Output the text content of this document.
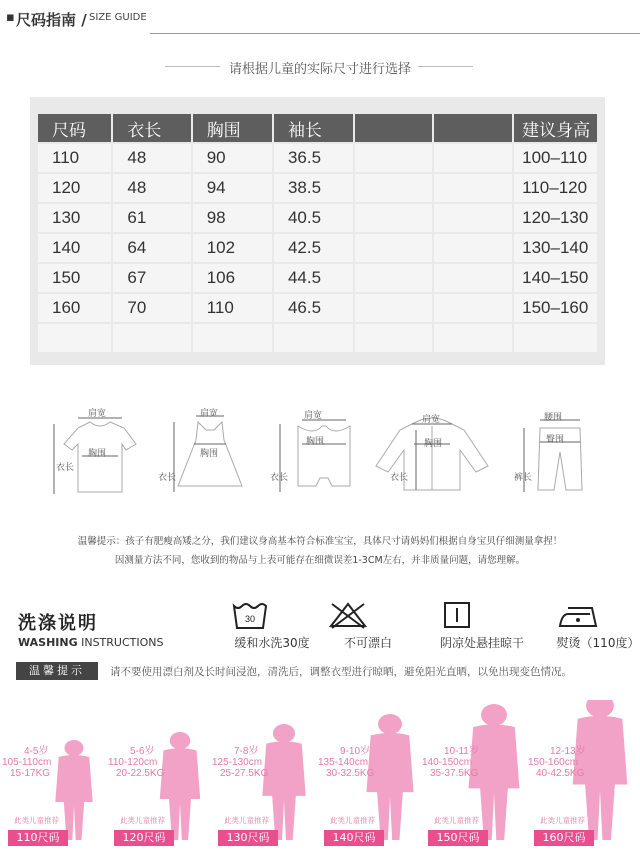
▪ 尺码指南 / SIZE GUIDE
请根据儿童的实际尺寸进行选择
尺码	衣长	胸围	袖长			建议身高
110	48	90	36.5			100–110
120	48	94	38.5			110–120
130	61	98	40.5			120–130
140	64	102	42.5			130–140
150	67	106	44.5			140–150
160	70	110	46.5			150–160

肩宽
胸围
衣长
肩宽
胸围
衣长
肩宽
胸围
衣长
肩宽
胸围
衣长
腰围
臀围
裤长
温馨提示：孩子有肥瘦高矮之分，我们建议身高基本符合标准宝宝，具体尺寸请妈妈们根据自身宝贝仔细测量拿捏！
因测量方法不同，您收到的物品与上表可能存在细微误差1-3CM左右，并非质量问题，请您理解。
洗涤说明
WASHING INSTRUCTIONS
30
缓和水洗30度	不可漂白	阴凉处悬挂晾干	熨烫（110度）
温馨提示	请不要使用漂白剂及长时间浸泡，清洗后，调整衣型进行晾晒，避免阳光直晒，以免出现变色情况。
4-5岁
105-110cm
15-17KG
此类儿童推荐
110尺码
5-6岁
110-120cm
20-22.5KG
此类儿童推荐
120尺码
7-8岁
125-130cm
25-27.5KG
此类儿童推荐
130尺码
9-10岁
135-140cm
30-32.5KG
此类儿童推荐
140尺码
10-11岁
140-150cm
35-37.5KG
此类儿童推荐
150尺码
12-13岁
150-160cm
40-42.5KG
此类儿童推荐
160尺码
